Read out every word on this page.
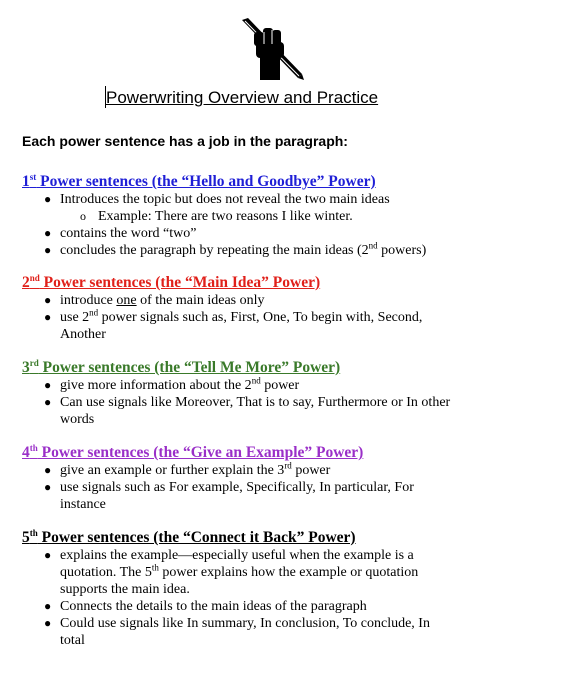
Powerwriting Overview and Practice
Each power sentence has a job in the paragraph:
1st Power sentences (the “Hello and Goodbye” Power)
● Introduces the topic but does not reveal the two main ideas
o Example: There are two reasons I like winter.
● contains the word “two”
● concludes the paragraph by repeating the main ideas (2nd powers)
2nd Power sentences (the “Main Idea” Power)
● introduce one of the main ideas only
● use 2nd power signals such as, First, One, To begin with, Second,
Another
3rd Power sentences (the “Tell Me More” Power)
● give more information about the 2nd power
● Can use signals like Moreover, That is to say, Furthermore or In other
words
4th Power sentences (the “Give an Example” Power)
● give an example or further explain the 3rd power
● use signals such as For example, Specifically, In particular, For
instance
5th Power sentences (the “Connect it Back” Power)
● explains the example—especially useful when the example is a
quotation. The 5th power explains how the example or quotation
supports the main idea.
● Connects the details to the main ideas of the paragraph
● Could use signals like In summary, In conclusion, To conclude, In
total
